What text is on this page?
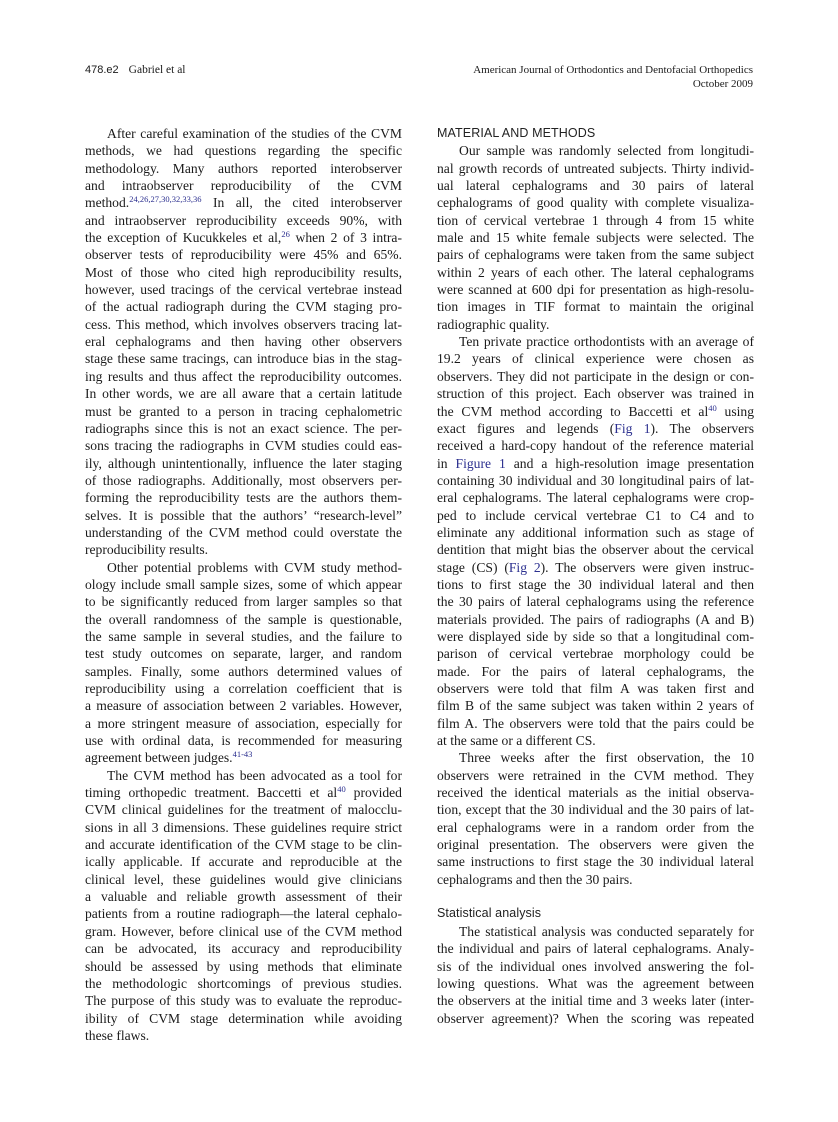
478.e2 Gabriel et al	American Journal of Orthodontics and Dentofacial Orthopedics
October 2009
After careful examination of the studies of the CVM
methods, we had questions regarding the specific
methodology. Many authors reported interobserver
and intraobserver reproducibility of the CVM
method.$^{24,26,27,30,32,33,36}$ In all, the cited interobserver
and intraobserver reproducibility exceeds 90%, with
the exception of Kucukkeles et al,$^{26}$ when 2 of 3 intra-
observer tests of reproducibility were 45% and 65%.
Most of those who cited high reproducibility results,
however, used tracings of the cervical vertebrae instead
of the actual radiograph during the CVM staging pro-
cess. This method, which involves observers tracing lat-
eral cephalograms and then having other observers
stage these same tracings, can introduce bias in the stag-
ing results and thus affect the reproducibility outcomes.
In other words, we are all aware that a certain latitude
must be granted to a person in tracing cephalometric
radiographs since this is not an exact science. The per-
sons tracing the radiographs in CVM studies could eas-
ily, although unintentionally, influence the later staging
of those radiographs. Additionally, most observers per-
forming the reproducibility tests are the authors them-
selves. It is possible that the authors’ “research-level”
understanding of the CVM method could overstate the
reproducibility results.
Other potential problems with CVM study method-
ology include small sample sizes, some of which appear
to be significantly reduced from larger samples so that
the overall randomness of the sample is questionable,
the same sample in several studies, and the failure to
test study outcomes on separate, larger, and random
samples. Finally, some authors determined values of
reproducibility using a correlation coefficient that is
a measure of association between 2 variables. However,
a more stringent measure of association, especially for
use with ordinal data, is recommended for measuring
agreement between judges.$^{41-43}$
The CVM method has been advocated as a tool for
timing orthopedic treatment. Baccetti et al$^{40}$ provided
CVM clinical guidelines for the treatment of malocclu-
sions in all 3 dimensions. These guidelines require strict
and accurate identification of the CVM stage to be clin-
ically applicable. If accurate and reproducible at the
clinical level, these guidelines would give clinicians
a valuable and reliable growth assessment of their
patients from a routine radiograph—the lateral cephalo-
gram. However, before clinical use of the CVM method
can be advocated, its accuracy and reproducibility
should be assessed by using methods that eliminate
the methodologic shortcomings of previous studies.
The purpose of this study was to evaluate the reproduc-
ibility of CVM stage determination while avoiding
these flaws.
MATERIAL AND METHODS
Our sample was randomly selected from longitudi-
nal growth records of untreated subjects. Thirty individ-
ual lateral cephalograms and 30 pairs of lateral
cephalograms of good quality with complete visualiza-
tion of cervical vertebrae 1 through 4 from 15 white
male and 15 white female subjects were selected. The
pairs of cephalograms were taken from the same subject
within 2 years of each other. The lateral cephalograms
were scanned at 600 dpi for presentation as high-resolu-
tion images in TIF format to maintain the original
radiographic quality.
Ten private practice orthodontists with an average of
19.2 years of clinical experience were chosen as
observers. They did not participate in the design or con-
struction of this project. Each observer was trained in
the CVM method according to Baccetti et al$^{40}$ using
exact figures and legends (Fig 1). The observers
received a hard-copy handout of the reference material
in Figure 1 and a high-resolution image presentation
containing 30 individual and 30 longitudinal pairs of lat-
eral cephalograms. The lateral cephalograms were crop-
ped to include cervical vertebrae C1 to C4 and to
eliminate any additional information such as stage of
dentition that might bias the observer about the cervical
stage (CS) (Fig 2). The observers were given instruc-
tions to first stage the 30 individual lateral and then
the 30 pairs of lateral cephalograms using the reference
materials provided. The pairs of radiographs (A and B)
were displayed side by side so that a longitudinal com-
parison of cervical vertebrae morphology could be
made. For the pairs of lateral cephalograms, the
observers were told that film A was taken first and
film B of the same subject was taken within 2 years of
film A. The observers were told that the pairs could be
at the same or a different CS.
Three weeks after the first observation, the 10
observers were retrained in the CVM method. They
received the identical materials as the initial observa-
tion, except that the 30 individual and the 30 pairs of lat-
eral cephalograms were in a random order from the
original presentation. The observers were given the
same instructions to first stage the 30 individual lateral
cephalograms and then the 30 pairs.
Statistical analysis
The statistical analysis was conducted separately for
the individual and pairs of lateral cephalograms. Analy-
sis of the individual ones involved answering the fol-
lowing questions. What was the agreement between
the observers at the initial time and 3 weeks later (inter-
observer agreement)? When the scoring was repeated
